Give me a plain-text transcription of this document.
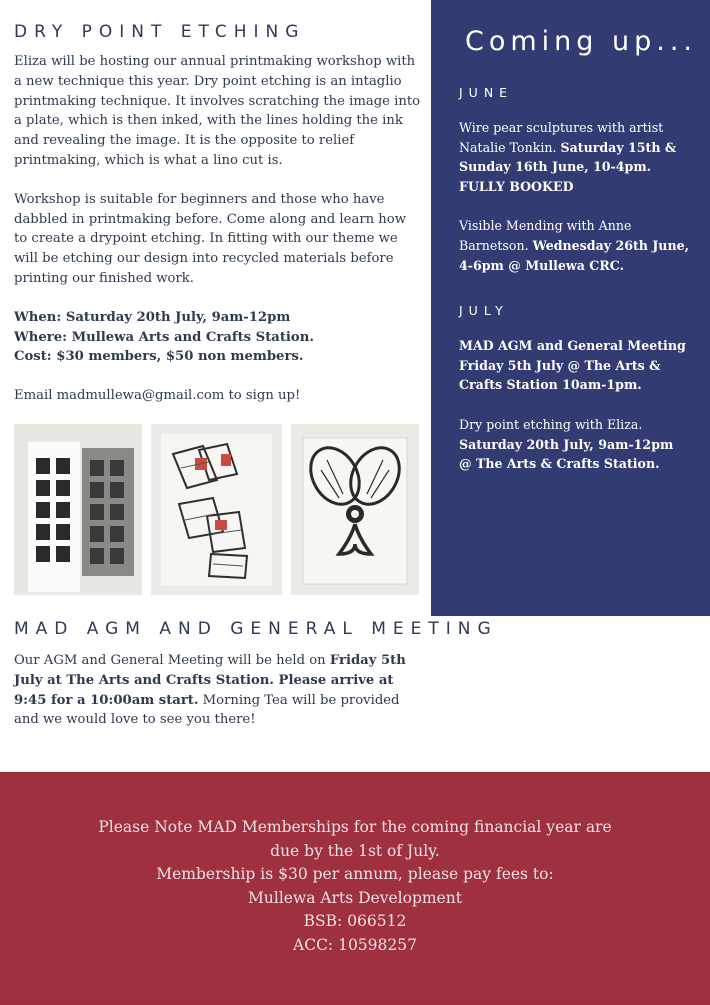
DRY POINT ETCHING

Eliza will be hosting our annual printmaking workshop with a new technique this year. Dry point etching is an intaglio printmaking technique. It involves scratching the image into a plate, which is then inked, with the lines holding the ink and revealing the image. It is the opposite to relief printmaking, which is what a lino cut is.

Workshop is suitable for beginners and those who have dabbled in printmaking before. Come along and learn how to create a drypoint etching. In fitting with our theme we will be etching our design into recycled materials before printing our finished work.

When: Saturday 20th July, 9am-12pm

Where: Mullewa Arts and Crafts Station.

Cost: $30 members, $50 non members.

Email madmullewa@gmail.com to sign up!

MAD AGM AND GENERAL MEETING

Our AGM and General Meeting will be held on Friday 5th July at The Arts and Crafts Station. Please arrive at 9:45 for a 10:00am start. Morning Tea will be provided and we would love to see you there!

Coming up...
JUNE

Wire pear sculptures with artist Natalie Tonkin. Saturday 15th & Sunday 16th June, 10-4pm. FULLY BOOKED

Visible Mending with Anne Barnetson. Wednesday 26th June, 4-6pm @ Mullewa CRC.

JULY

MAD AGM and General Meeting Friday 5th July @ The Arts & Crafts Station 10am-1pm.

Dry point etching with Eliza. Saturday 20th July, 9am-12pm @ The Arts & Crafts Station.

Please Note MAD Memberships for the coming financial year are
due by the 1st of July.
Membership is $30 per annum, please pay fees to:
Mullewa Arts Development
BSB: 066512
ACC: 10598257
